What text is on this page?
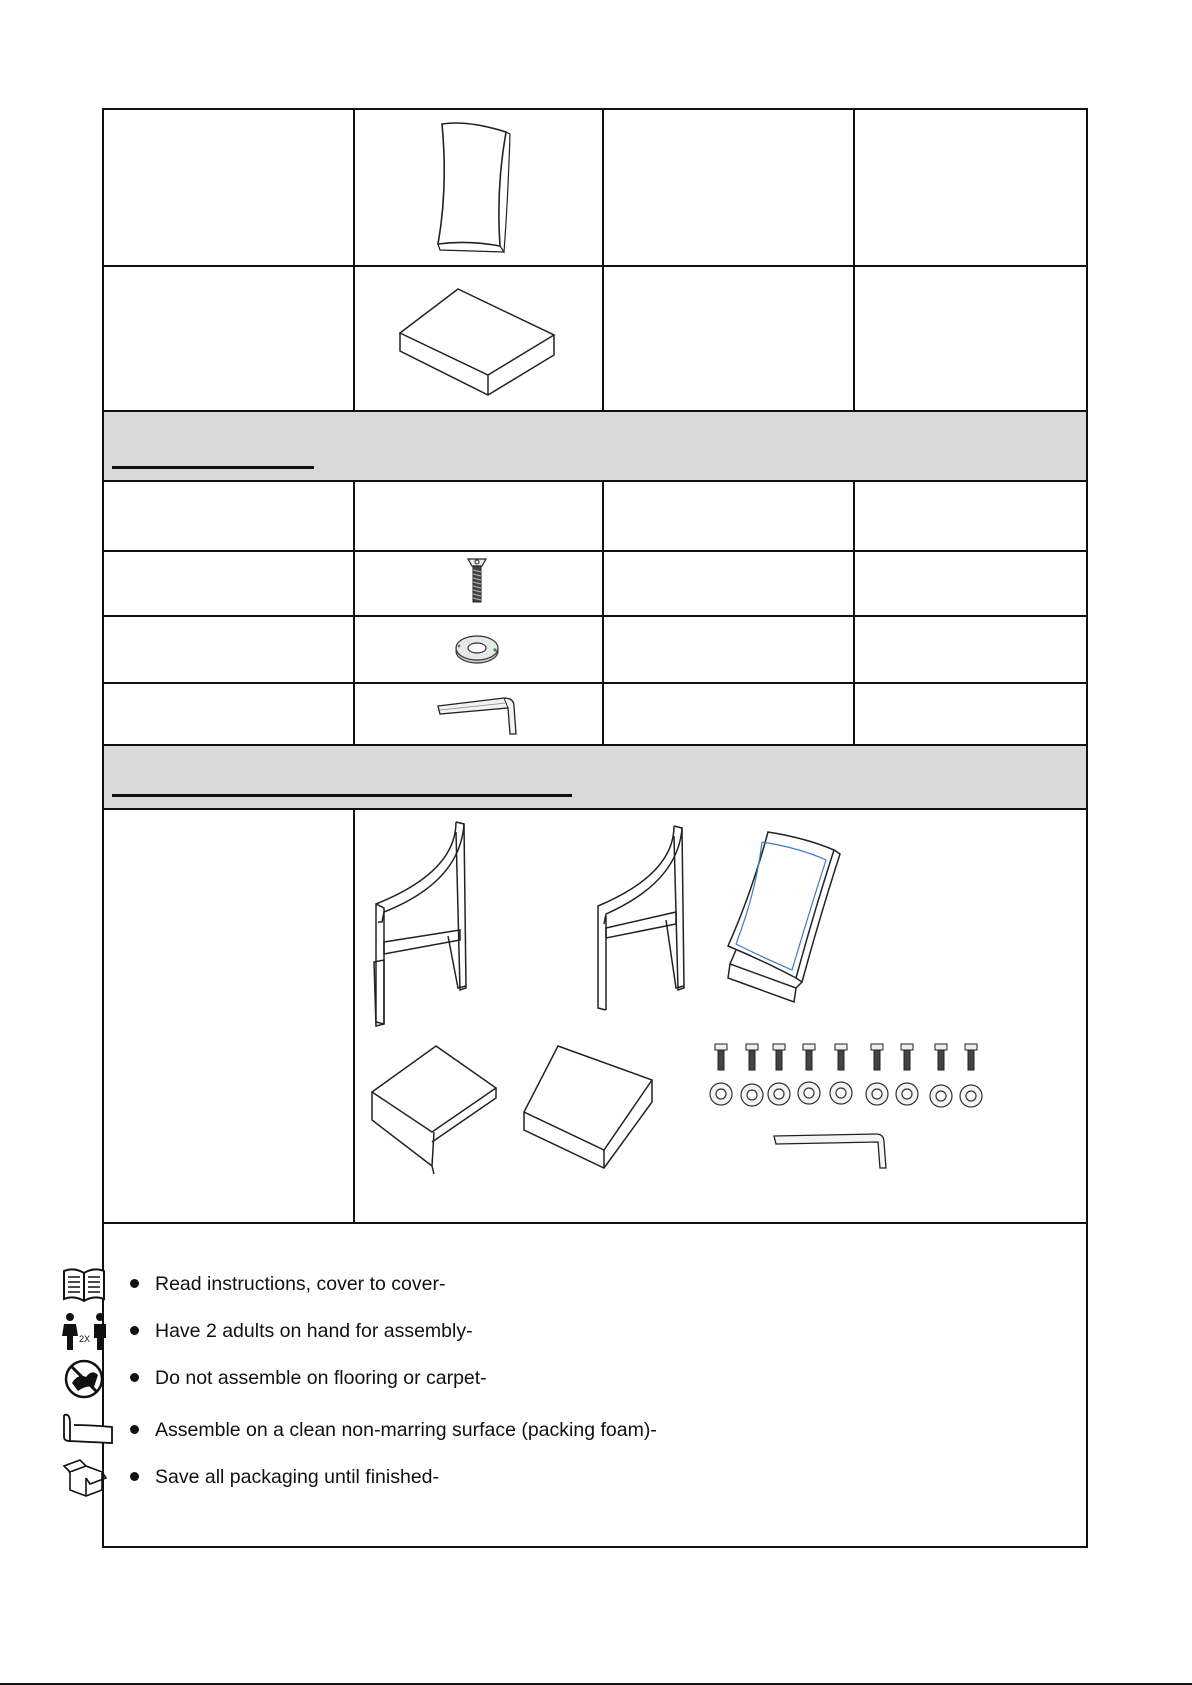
Read instructions, cover to cover-
2X	Have 2 adults on hand for assembly-
Do not assemble on flooring or carpet-
Assemble on a clean non-marring surface (packing foam)-
Save all packaging until finished-
